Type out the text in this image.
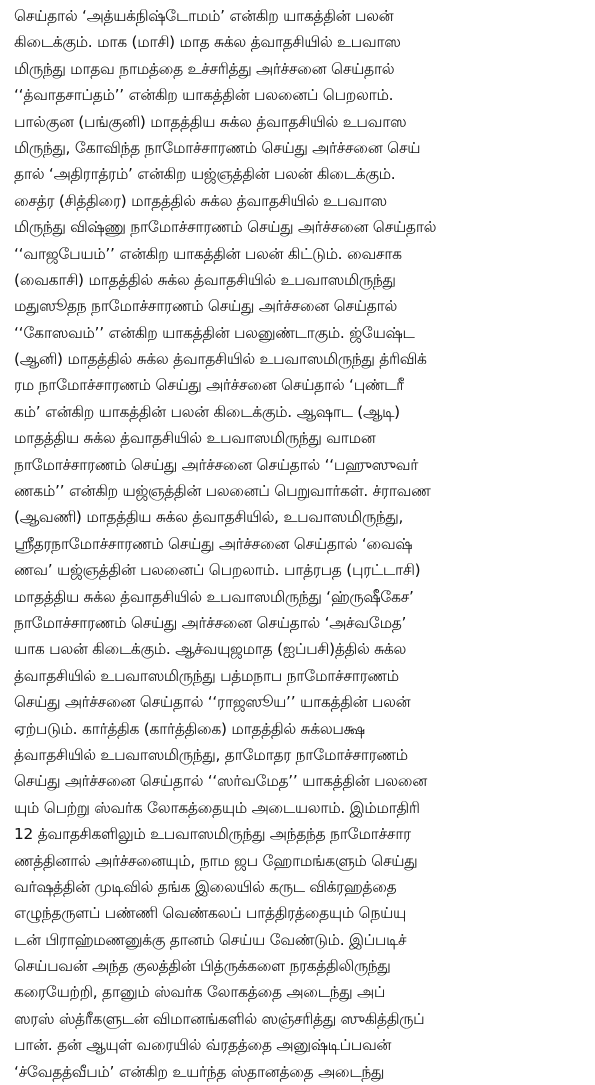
செய்தால் ‘அத்யக்நிஷ்டோமம்’ என்கிற யாகத்தின் பலன்
கிடைக்கும். மாக (மாசி) மாத சுக்ல த்வாதசியில் உபவாஸ
மிருந்து மாதவ நாமத்தை உச்சரித்து அர்ச்சனை செய்தால்
‘‘த்வாதசாப்தம்’’ என்கிற யாகத்தின் பலனைப் பெறலாம்.
பால்குன (பங்குனி) மாதத்திய சுக்ல த்வாதசியில் உபவாஸ
மிருந்து, கோவிந்த நாமோச்சாரணம் செய்து அர்ச்சனை செய்
தால் ‘அதிராத்ரம்’ என்கிற யஜ்ஞத்தின் பலன் கிடைக்கும்.
சைத்ர (சித்திரை) மாதத்தில் சுக்ல த்வாதசியில் உபவாஸ
மிருந்து விஷ்ணு நாமோச்சாரணம் செய்து அர்ச்சனை செய்தால்
‘‘வாஜபேயம்’’ என்கிற யாகத்தின் பலன் கிட்டும். வைசாக
(வைகாசி) மாதத்தில் சுக்ல த்வாதசியில் உபவாஸமிருந்து
மதுஸூதந நாமோச்சாரணம் செய்து அர்ச்சனை செய்தால்
‘‘கோஸவம்’’ என்கிற யாகத்தின் பலனுண்டாகும். ஜ்யேஷ்ட
(ஆனி) மாதத்தில் சுக்ல த்வாதசியில் உபவாஸமிருந்து த்ரிவிக்
ரம நாமோச்சாரணம் செய்து அர்ச்சனை செய்தால் ‘புண்டரீ
கம்’ என்கிற யாகத்தின் பலன் கிடைக்கும். ஆஷாட (ஆடி)
மாதத்திய சுக்ல த்வாதசியில் உபவாஸமிருந்து வாமன
நாமோச்சாரணம் செய்து அர்ச்சனை செய்தால் ‘‘பஹுஸுவர்
ணகம்’’ என்கிற யஜ்ஞத்தின் பலனைப் பெறுவார்கள். ச்ராவண
(ஆவணி) மாதத்திய சுக்ல த்வாதசியில், உபவாஸமிருந்து,
ஸ்ரீதரநாமோச்சாரணம் செய்து அர்ச்சனை செய்தால் ‘வைஷ்
ணவ’ யஜ்ஞத்தின் பலனைப் பெறலாம். பாத்ரபத (புரட்டாசி)
மாதத்திய சுக்ல த்வாதசியில் உபவாஸமிருந்து ‘ஹ்ருஷீகேச’
நாமோச்சாரணம் செய்து அர்ச்சனை செய்தால் ‘அச்வமேத’
யாக பலன் கிடைக்கும். ஆச்வயுஜமாத (ஐப்பசி)த்தில் சுக்ல
த்வாதசியில் உபவாஸமிருந்து பத்மநாப நாமோச்சாரணம்
செய்து அர்ச்சனை செய்தால் ‘‘ராஜஸூய’’ யாகத்தின் பலன்
ஏற்படும். கார்த்திக (கார்த்திகை) மாதத்தில் சுக்லபக்ஷ
த்வாதசியில் உபவாஸமிருந்து, தாமோதர நாமோச்சாரணம்
செய்து அர்ச்சனை செய்தால் ‘‘ஸர்வமேத’’ யாகத்தின் பலனை
யும் பெற்று ஸ்வர்க லோகத்தையும் அடையலாம். இம்மாதிரி
12 த்வாதசிகளிலும் உபவாஸமிருந்து அந்தந்த நாமோச்சார
ணத்தினால் அர்ச்சனையும், நாம ஜப ஹோமங்களும் செய்து
வர்ஷத்தின் முடிவில் தங்க இலையில் கருட விக்ரஹத்தை
எழுந்தருளப் பண்ணி வெண்கலப் பாத்திரத்தையும் நெய்யு
டன் பிராஹ்மணனுக்கு தானம் செய்ய வேண்டும். இப்படிச்
செய்பவன் அந்த குலத்தின் பித்ருக்களை நரகத்திலிருந்து
கரையேற்றி, தானும் ஸ்வர்க லோகத்தை அடைந்து அப்
ஸரஸ் ஸ்த்ரீகளுடன் விமானங்களில் ஸஞ்சரித்து ஸுகித்திருப்
பான். தன் ஆயுள் வரையில் வ்ரதத்தை அனுஷ்டிப்பவன்
‘ச்வேதத்வீபம்’ என்கிற உயர்ந்த ஸ்தானத்தை அடைந்து
